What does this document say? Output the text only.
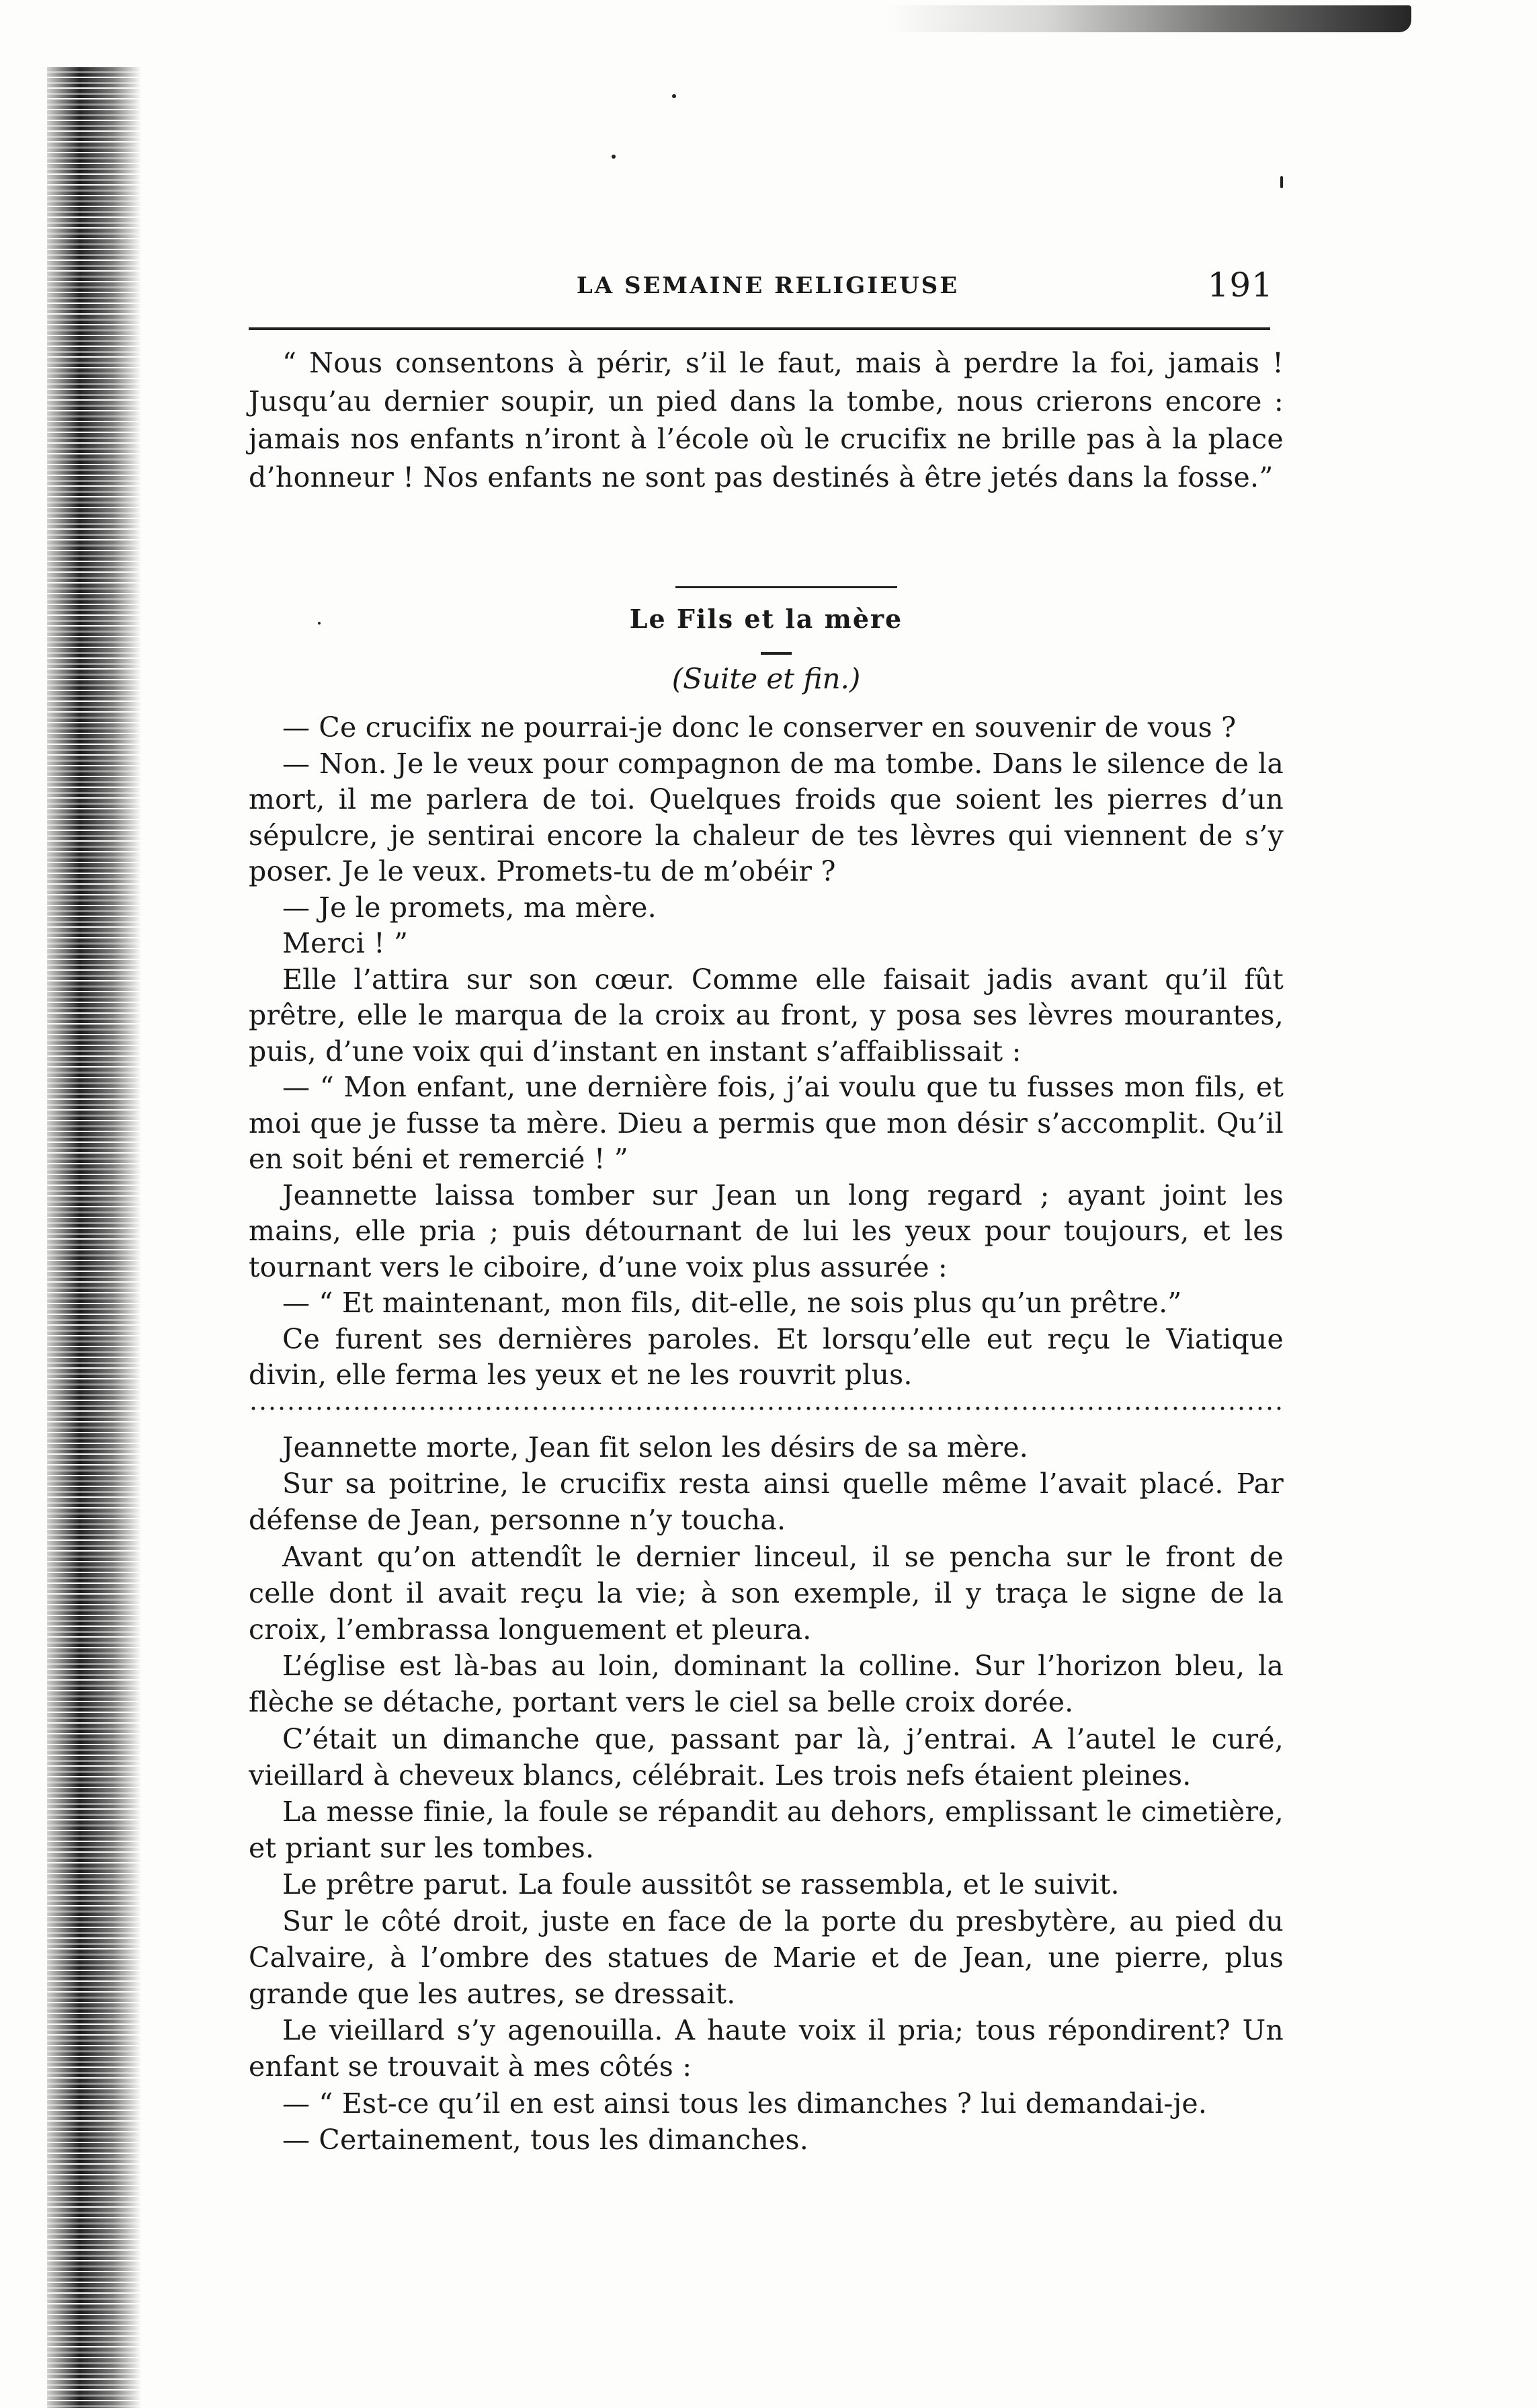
LA SEMAINE RELIGIEUSE	191

“ Nous consentons à périr, s’il le faut, mais à perdre la foi, jamais ! Jusqu’au dernier soupir, un pied dans la tombe, nous crierons encore : jamais nos enfants n’iront à l’école où le crucifix ne brille pas à la place d’honneur ! Nos enfants ne sont pas destinés à être jetés dans la fosse.”

Le Fils et la mère
(Suite et fin.)

— Ce crucifix ne pourrai-je donc le conserver en souvenir de vous ?

— Non. Je le veux pour compagnon de ma tombe. Dans le silence de la mort, il me parlera de toi. Quelques froids que soient les pierres d’un sépulcre, je sentirai encore la chaleur de tes lèvres qui viennent de s’y poser. Je le veux. Promets-tu de m’obéir ?

— Je le promets, ma mère.

Merci ! ”

Elle l’attira sur son cœur. Comme elle faisait jadis avant qu’il fût prêtre, elle le marqua de la croix au front, y posa ses lèvres mourantes, puis, d’une voix qui d’instant en instant s’affaiblissait :

— “ Mon enfant, une dernière fois, j’ai voulu que tu fusses mon fils, et moi que je fusse ta mère. Dieu a permis que mon désir s’accomplit. Qu’il en soit béni et remercié ! ”

Jeannette laissa tomber sur Jean un long regard ; ayant joint les mains, elle pria ; puis détournant de lui les yeux pour toujours, et les tournant vers le ciboire, d’une voix plus assurée :

— “ Et maintenant, mon fils, dit-elle, ne sois plus qu’un prêtre.”

Ce furent ses dernières paroles. Et lorsqu’elle eut reçu le Viatique divin, elle ferma les yeux et ne les rouvrit plus.

Jeannette morte, Jean fit selon les désirs de sa mère.

Sur sa poitrine, le crucifix resta ainsi quelle même l’avait placé. Par défense de Jean, personne n’y toucha.

Avant qu’on attendît le dernier linceul, il se pencha sur le front de celle dont il avait reçu la vie; à son exemple, il y traça le signe de la croix, l’embrassa longuement et pleura.

L’église est là-bas au loin, dominant la colline. Sur l’horizon bleu, la flèche se détache, portant vers le ciel sa belle croix dorée.

C’était un dimanche que, passant par là, j’entrai. A l’autel le curé, vieillard à cheveux blancs, célébrait. Les trois nefs étaient pleines.

La messe finie, la foule se répandit au dehors, emplissant le cimetière, et priant sur les tombes.

Le prêtre parut. La foule aussitôt se rassembla, et le suivit.

Sur le côté droit, juste en face de la porte du presbytère, au pied du Calvaire, à l’ombre des statues de Marie et de Jean, une pierre, plus grande que les autres, se dressait.

Le vieillard s’y agenouilla. A haute voix il pria; tous répondirent? Un enfant se trouvait à mes côtés :

— “ Est-ce qu’il en est ainsi tous les dimanches ? lui demandai-je.

— Certainement, tous les dimanches.
